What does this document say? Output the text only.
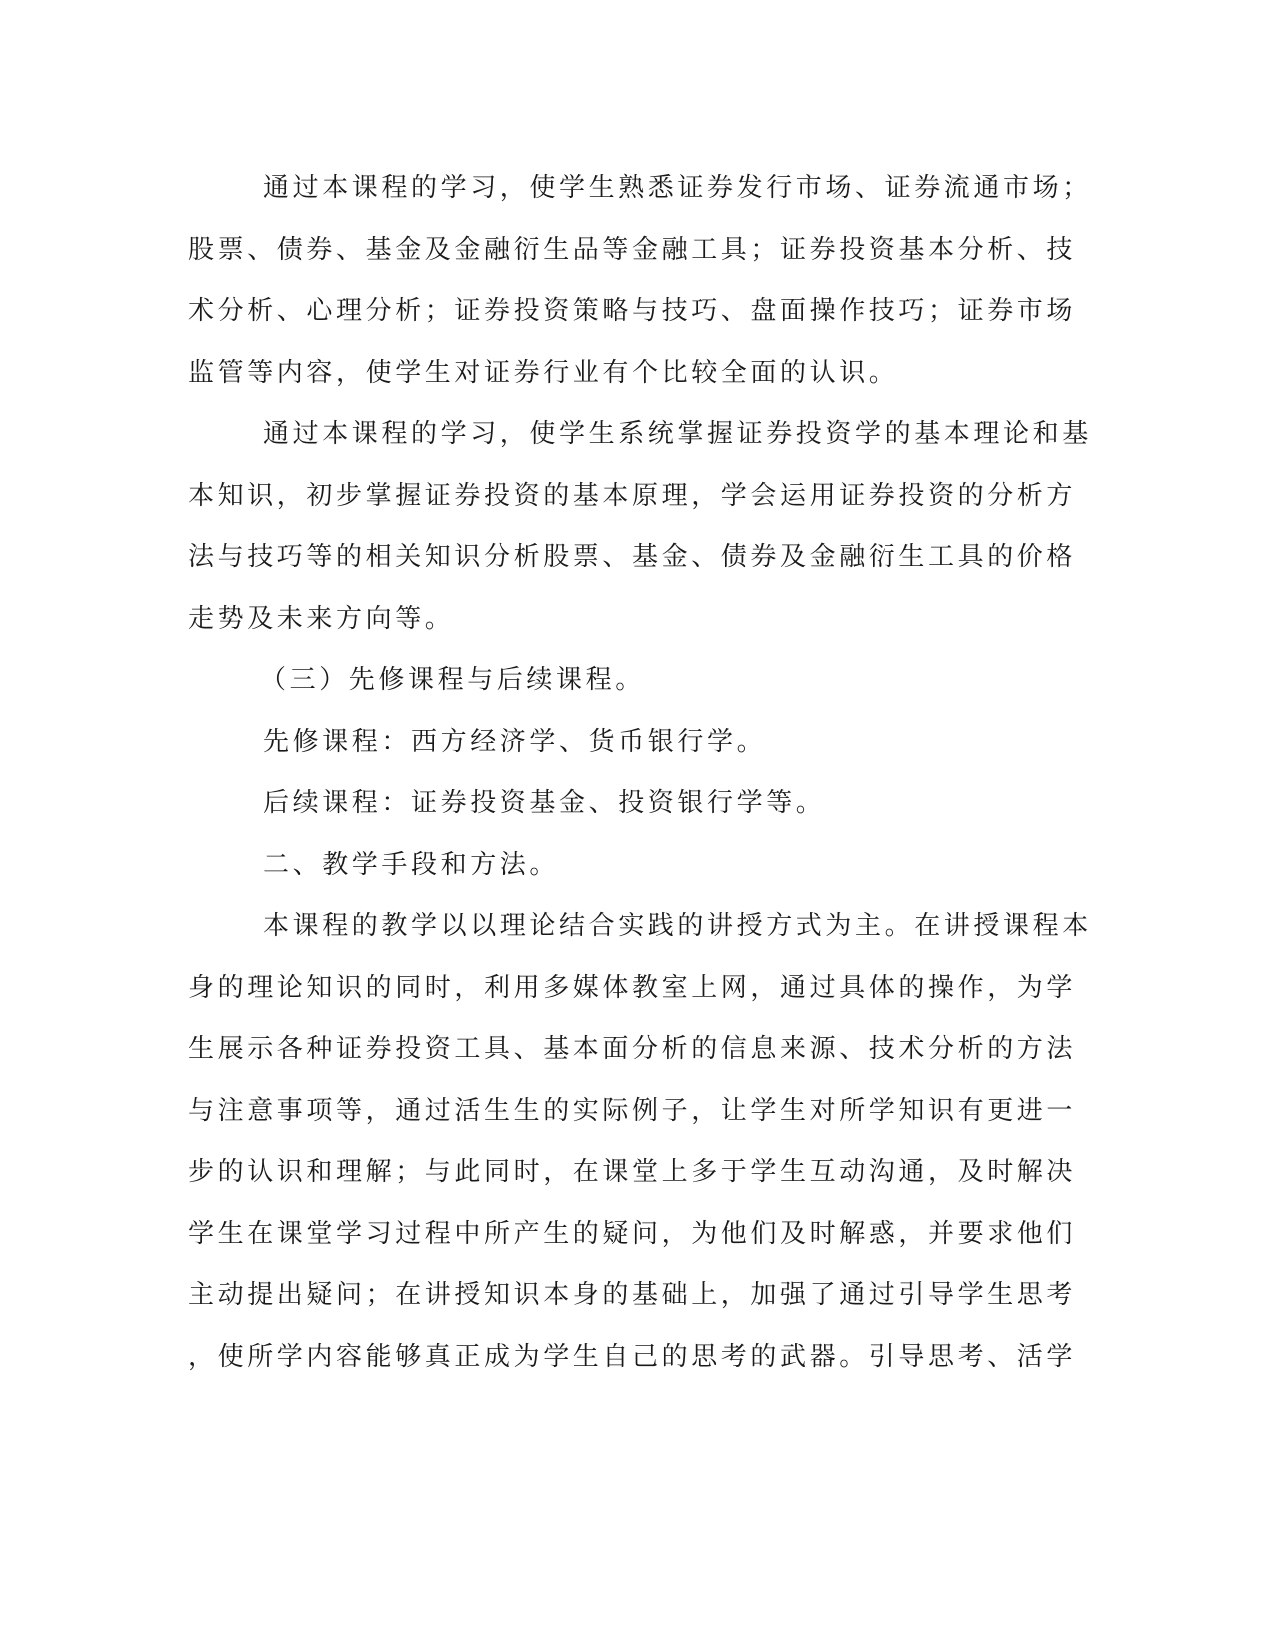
通过本课程的学习，使学生熟悉证券发行市场、证券流通市场；
股票、债券、基金及金融衍生品等金融工具；证券投资基本分析、技
术分析、心理分析；证券投资策略与技巧、盘面操作技巧；证券市场
监管等内容，使学生对证券行业有个比较全面的认识。
通过本课程的学习，使学生系统掌握证券投资学的基本理论和基
本知识，初步掌握证券投资的基本原理，学会运用证券投资的分析方
法与技巧等的相关知识分析股票、基金、债券及金融衍生工具的价格
走势及未来方向等。
（三）先修课程与后续课程。
先修课程：西方经济学、货币银行学。
后续课程：证券投资基金、投资银行学等。
二、教学手段和方法。
本课程的教学以以理论结合实践的讲授方式为主。在讲授课程本
身的理论知识的同时，利用多媒体教室上网，通过具体的操作，为学
生展示各种证券投资工具、基本面分析的信息来源、技术分析的方法
与注意事项等，通过活生生的实际例子，让学生对所学知识有更进一
步的认识和理解；与此同时，在课堂上多于学生互动沟通，及时解决
学生在课堂学习过程中所产生的疑问，为他们及时解惑，并要求他们
主动提出疑问；在讲授知识本身的基础上，加强了通过引导学生思考
，使所学内容能够真正成为学生自己的思考的武器。引导思考、活学
